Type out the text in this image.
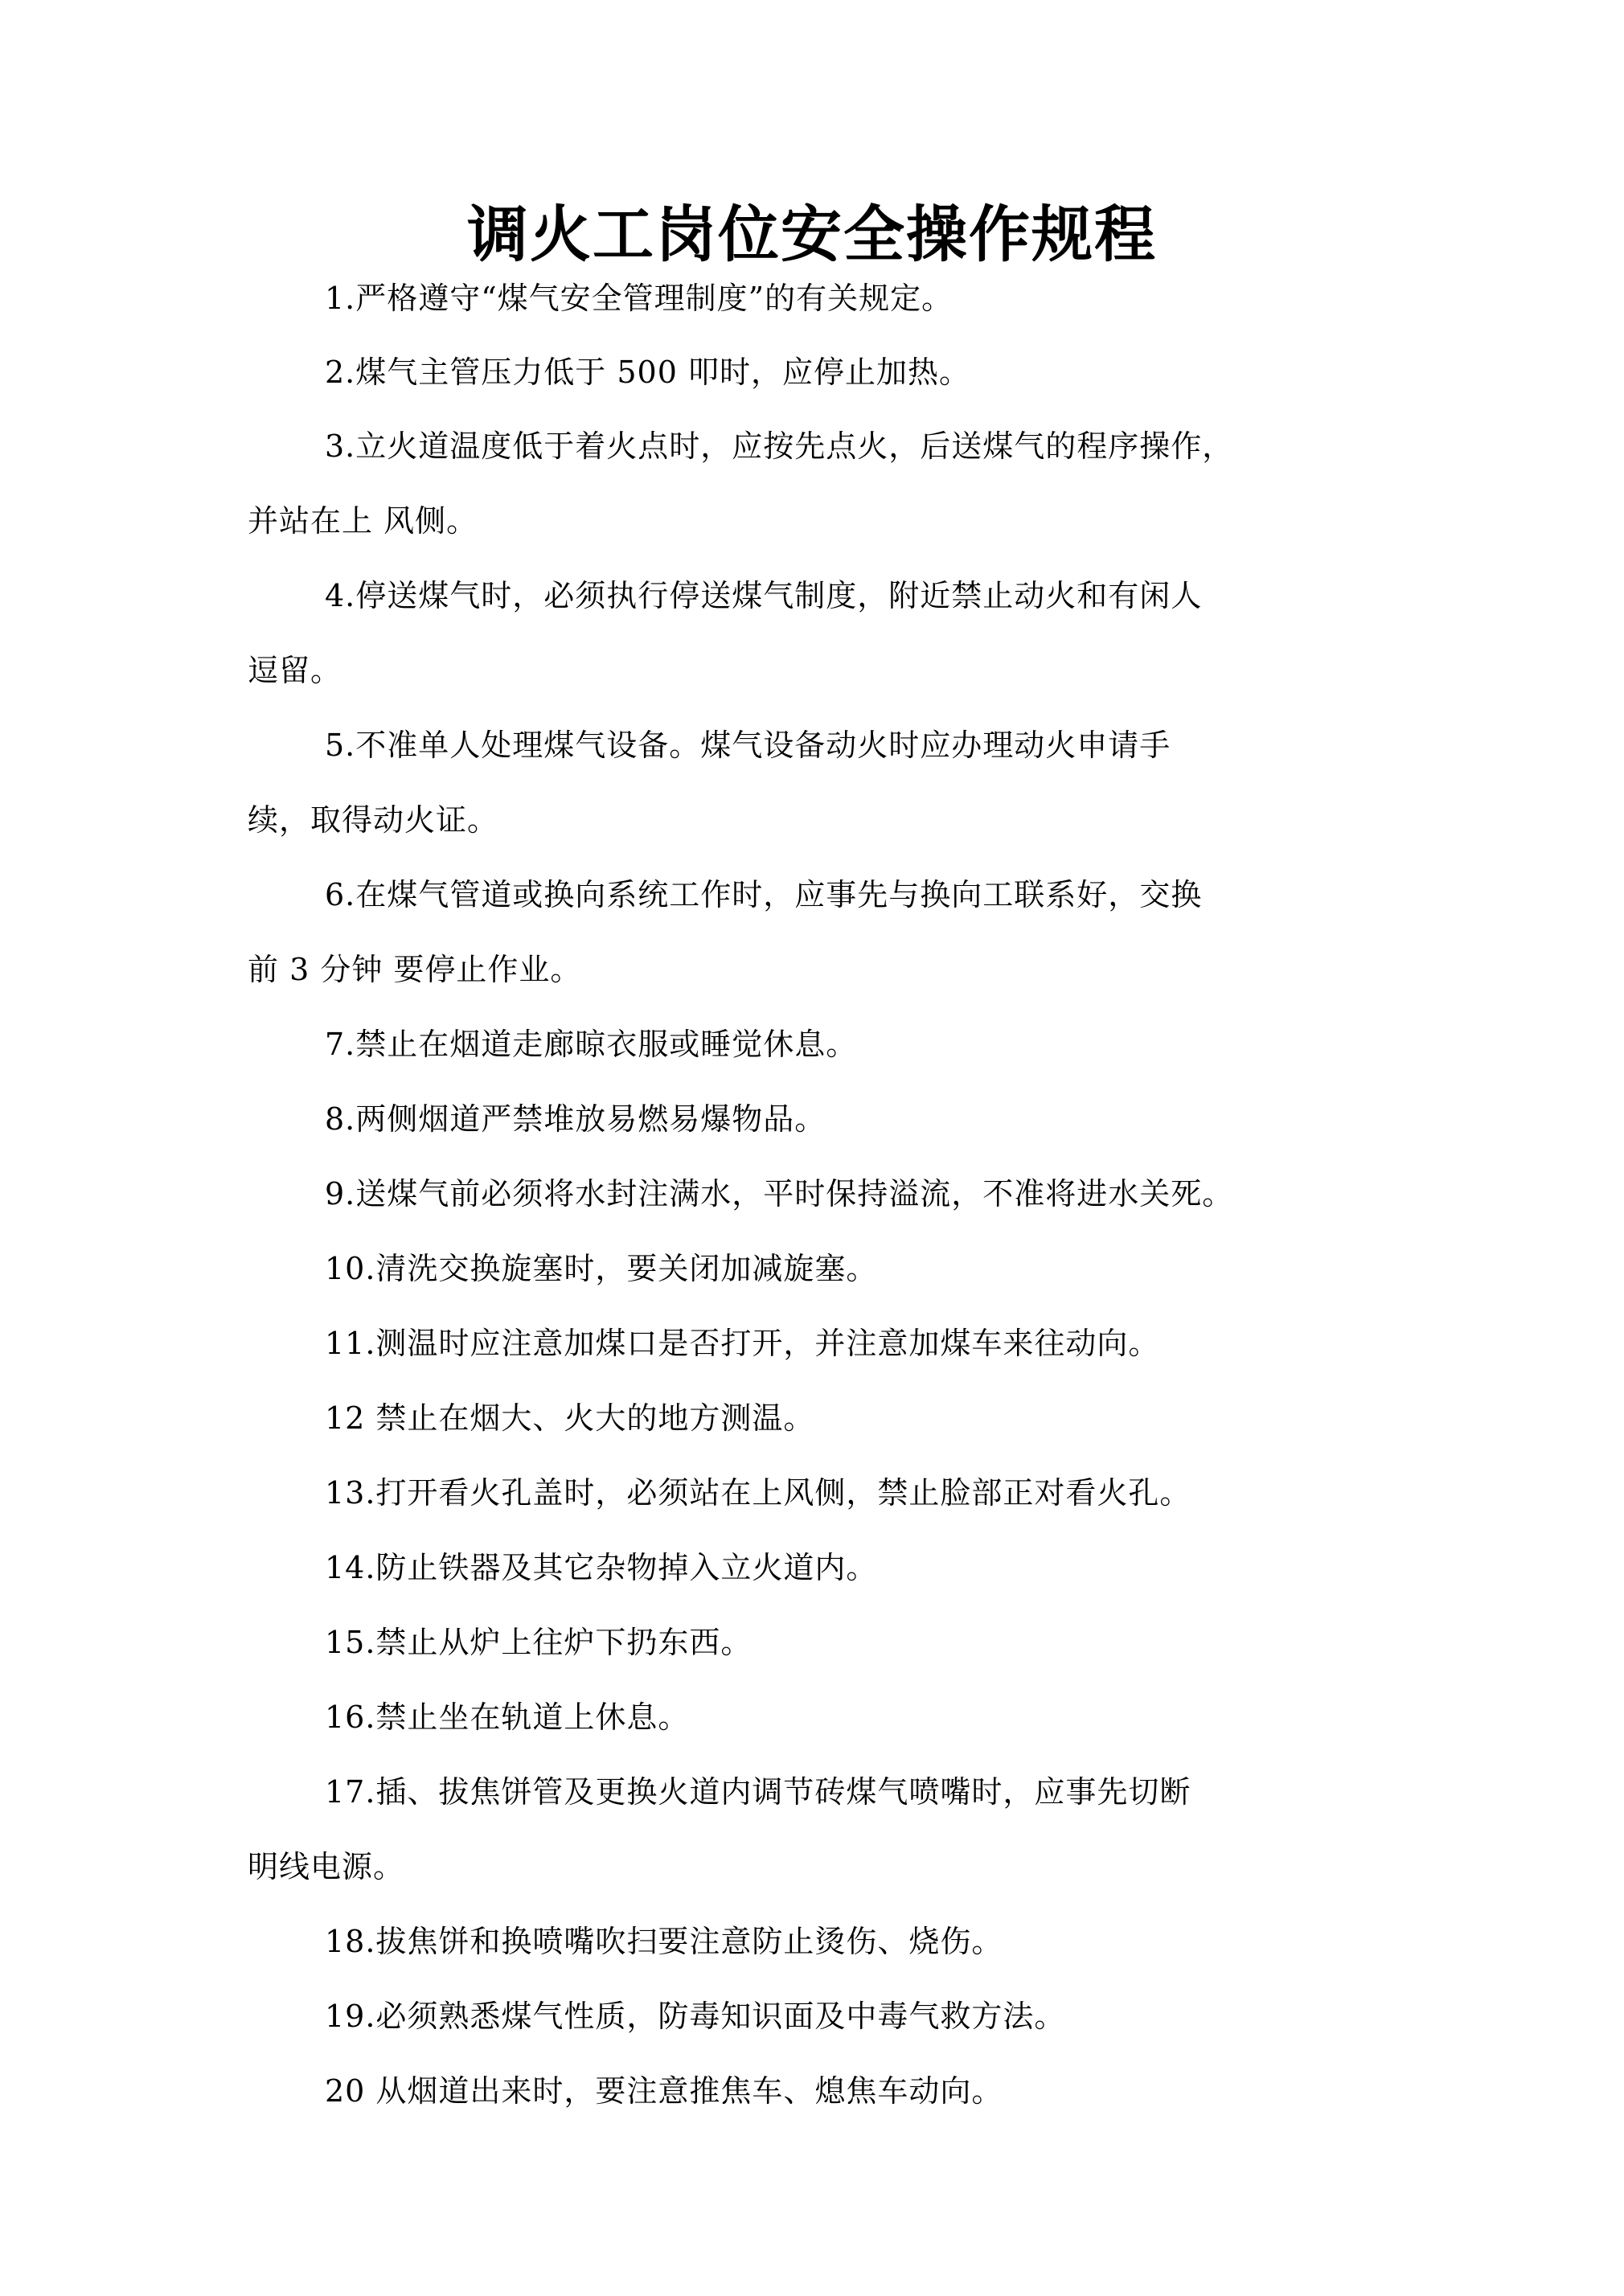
调火工岗位安全操作规程
1.严格遵守“煤气安全管理制度”的有关规定。
2.煤气主管压力低于 500 叩时，应停止加热。
3.立火道温度低于着火点时，应按先点火，后送煤气的程序操作，
并站在上 风侧。
4.停送煤气时，必须执行停送煤气制度，附近禁止动火和有闲人
逗留。
5.不准单人处理煤气设备。煤气设备动火时应办理动火申请手
续，取得动火证。
6.在煤气管道或换向系统工作时，应事先与换向工联系好，交换
前 3 分钟 要停止作业。
7.禁止在烟道走廊晾衣服或睡觉休息。
8.两侧烟道严禁堆放易燃易爆物品。
9.送煤气前必须将水封注满水，平时保持溢流，不准将进水关死。
10.清洗交换旋塞时，要关闭加减旋塞。
11.测温时应注意加煤口是否打开，并注意加煤车来往动向。
12 禁止在烟大、火大的地方测温。
13.打开看火孔盖时，必须站在上风侧，禁止脸部正对看火孔。
14.防止铁器及其它杂物掉入立火道内。
15.禁止从炉上往炉下扔东西。
16.禁止坐在轨道上休息。
17.插、拔焦饼管及更换火道内调节砖煤气喷嘴时，应事先切断
明线电源。
18.拔焦饼和换喷嘴吹扫要注意防止烫伤、烧伤。
19.必须熟悉煤气性质，防毒知识面及中毒气救方法。
20 从烟道出来时，要注意推焦车、熄焦车动向。
